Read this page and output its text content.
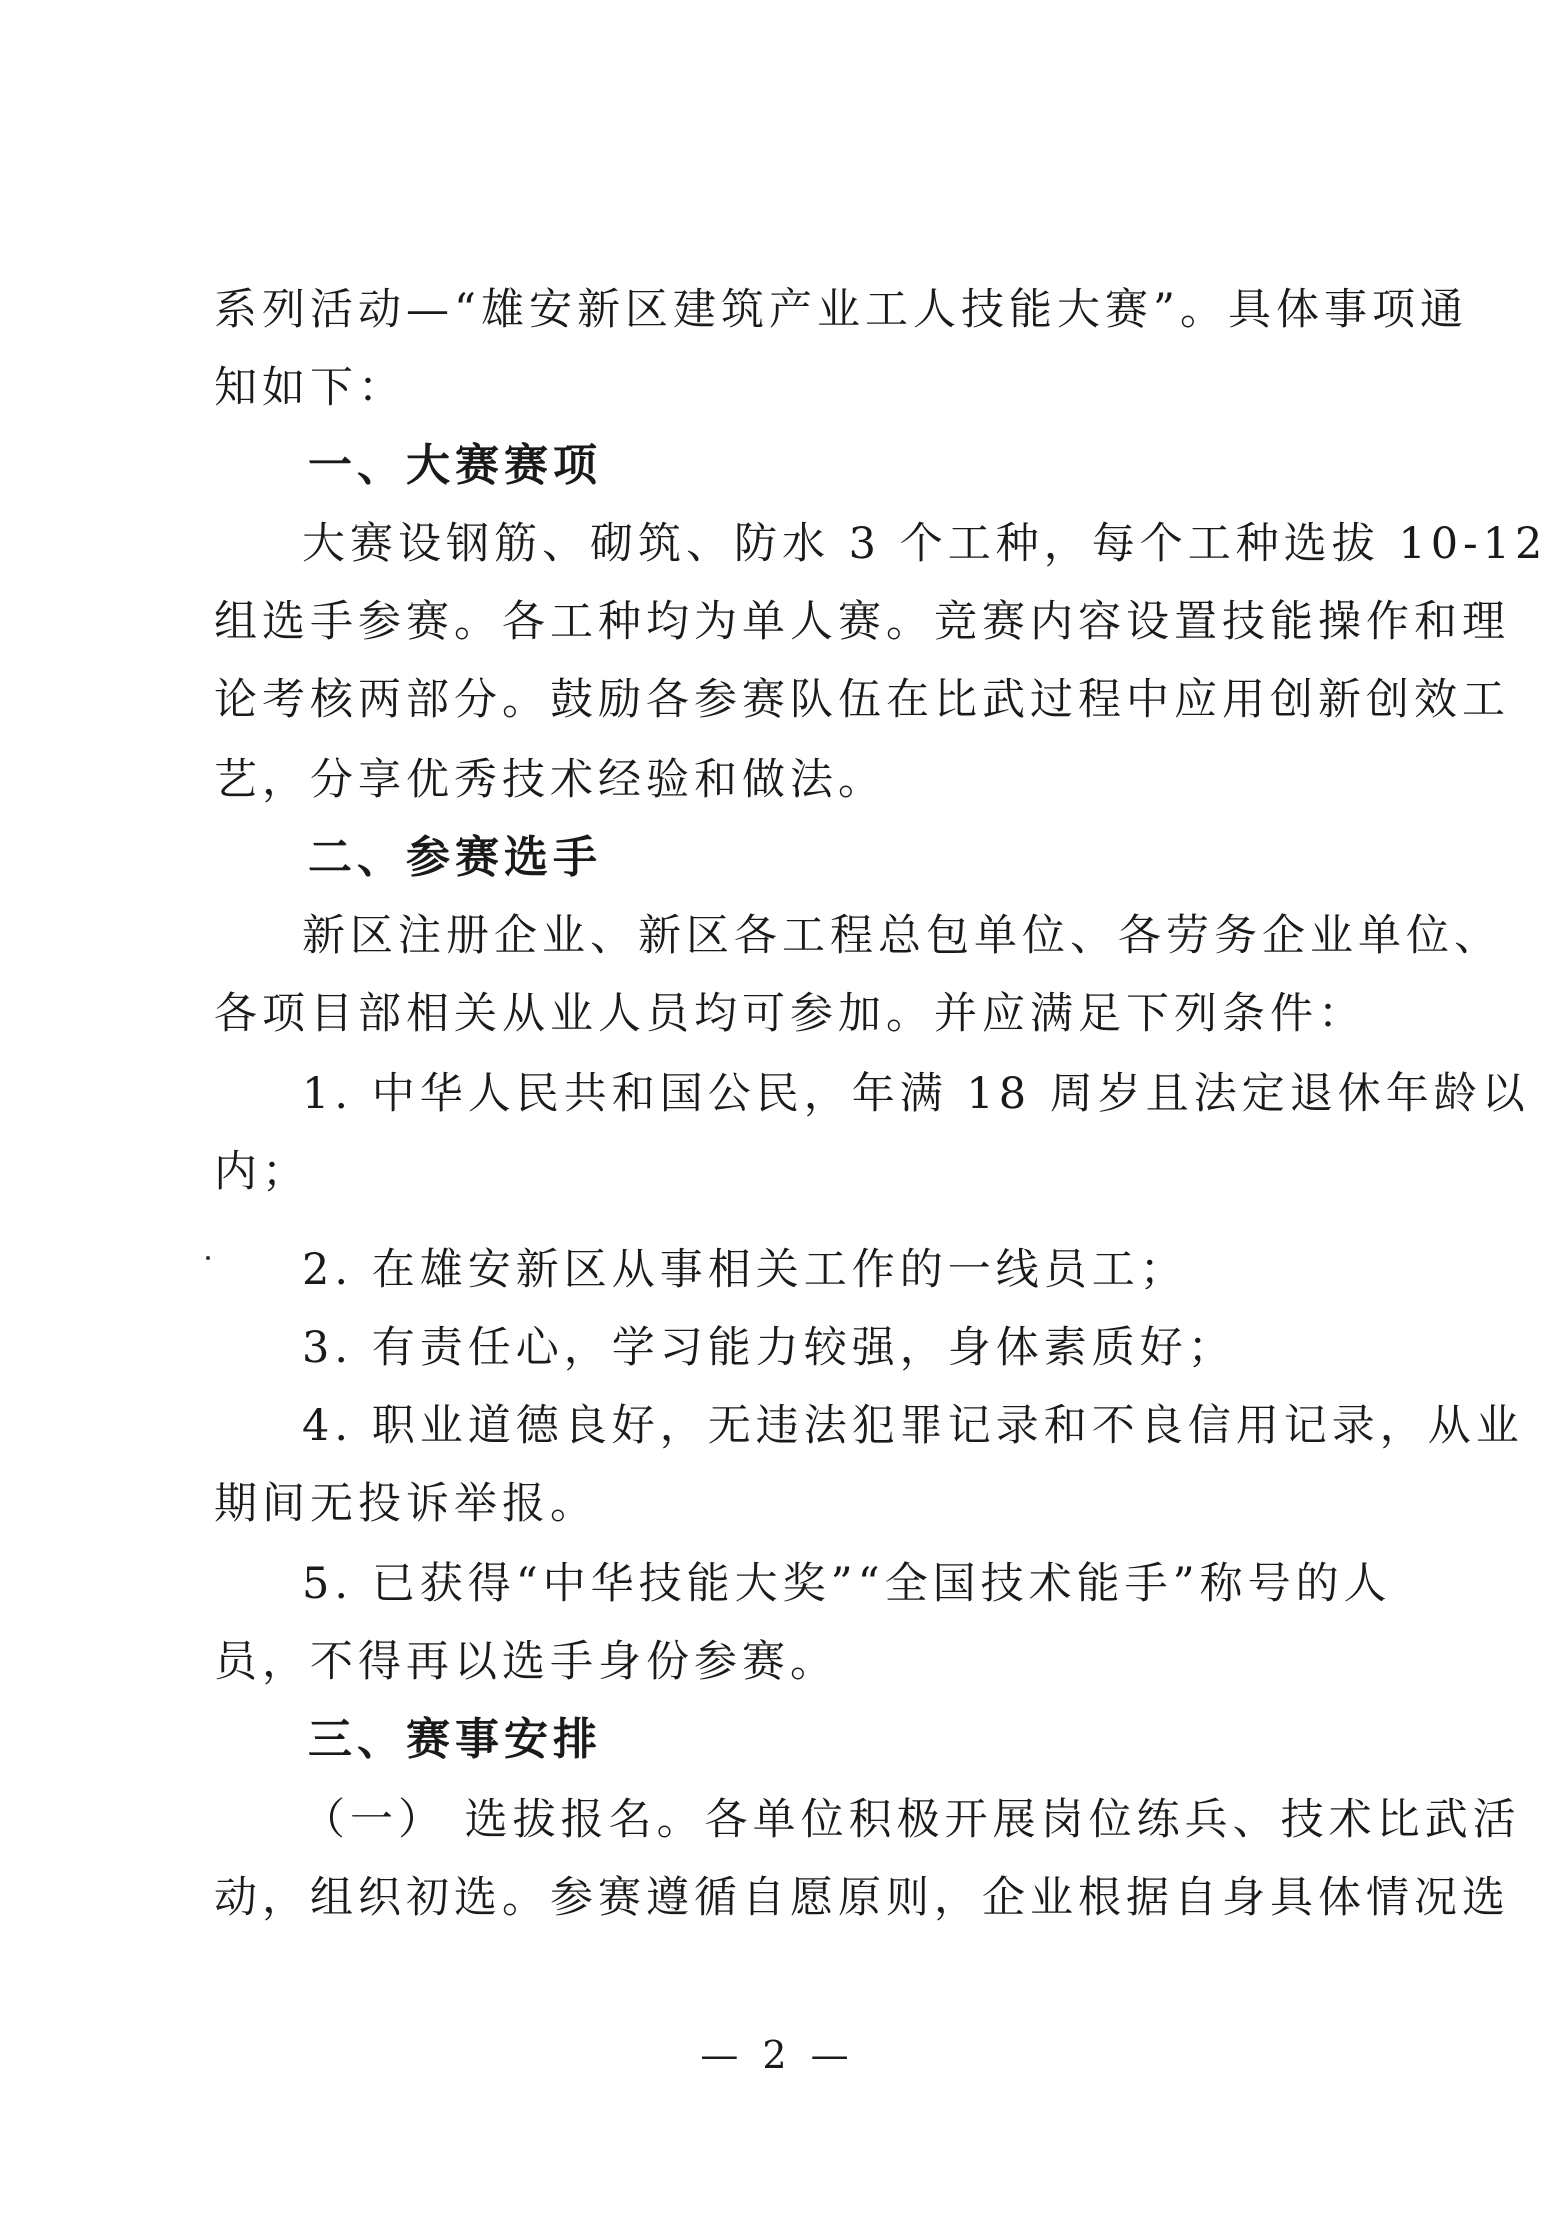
系列活动—“雄安新区建筑产业工人技能大赛”。具体事项通
知如下：
一、大赛赛项
大赛设钢筋、砌筑、防水 3 个工种，每个工种选拔 10-12
组选手参赛。各工种均为单人赛。竞赛内容设置技能操作和理
论考核两部分。鼓励各参赛队伍在比武过程中应用创新创效工
艺，分享优秀技术经验和做法。
二、参赛选手
新区注册企业、新区各工程总包单位、各劳务企业单位、
各项目部相关从业人员均可参加。并应满足下列条件：
1. 中华人民共和国公民，年满 18 周岁且法定退休年龄以
内；
2. 在雄安新区从事相关工作的一线员工；
3. 有责任心，学习能力较强，身体素质好；
4. 职业道德良好，无违法犯罪记录和不良信用记录，从业
期间无投诉举报。
5. 已获得“中华技能大奖”“全国技术能手”称号的人
员，不得再以选手身份参赛。
三、赛事安排
（一） 选拔报名。各单位积极开展岗位练兵、技术比武活
动，组织初选。参赛遵循自愿原则，企业根据自身具体情况选
— 2 —
